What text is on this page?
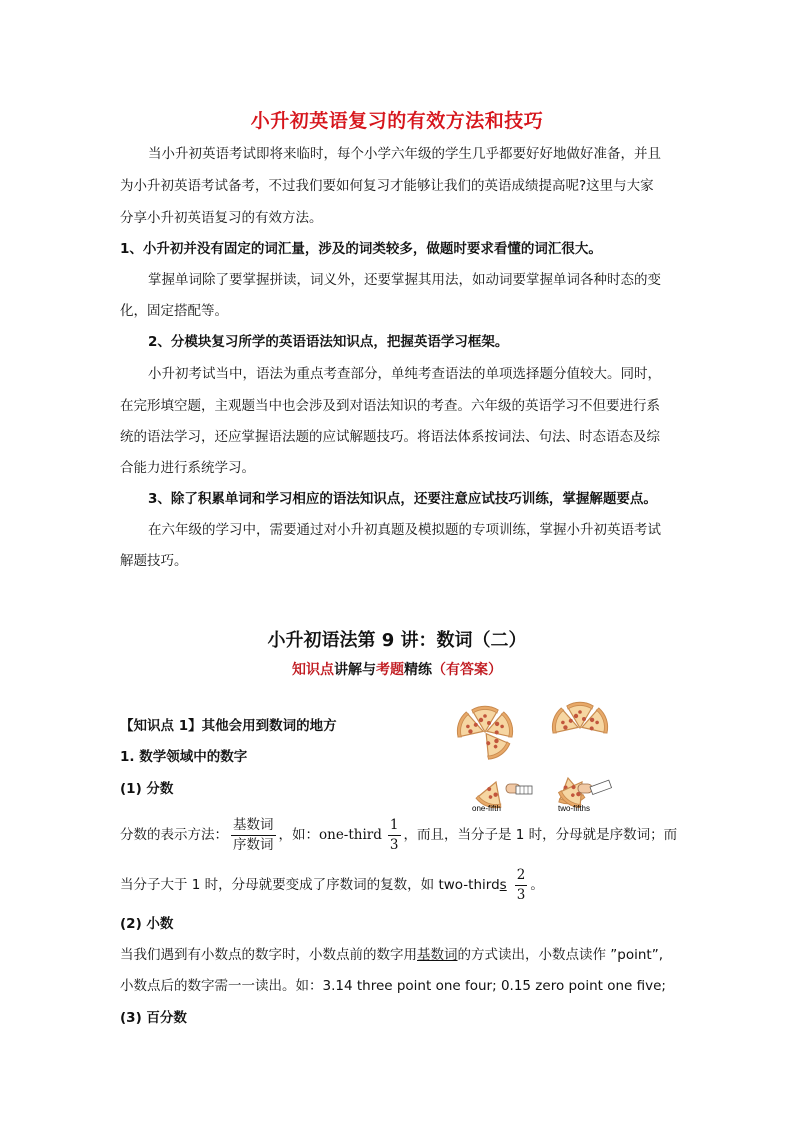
小升初英语复习的有效方法和技巧
当小升初英语考试即将来临时，每个小学六年级的学生几乎都要好好地做好准备，并且
为小升初英语考试备考，不过我们要如何复习才能够让我们的英语成绩提高呢?这里与大家
分享小升初英语复习的有效方法。
1、小升初并没有固定的词汇量，涉及的词类较多，做题时要求看懂的词汇很大。
掌握单词除了要掌握拼读，词义外，还要掌握其用法，如动词要掌握单词各种时态的变
化，固定搭配等。
2、分模块复习所学的英语语法知识点，把握英语学习框架。
小升初考试当中，语法为重点考查部分，单纯考查语法的单项选择题分值较大。同时，
在完形填空题，主观题当中也会涉及到对语法知识的考查。六年级的英语学习不但要进行系
统的语法学习，还应掌握语法题的应试解题技巧。将语法体系按词法、句法、时态语态及综
合能力进行系统学习。
3、除了积累单词和学习相应的语法知识点，还要注意应试技巧训练，掌握解题要点。
在六年级的学习中，需要通过对小升初真题及模拟题的专项训练，掌握小升初英语考试
解题技巧。
小升初语法第 9 讲：数词（二）
知识点讲解与考题精练（有答案）
【知识点 1】其他会用到数词的地方
1. 数学领域中的数字
(1) 分数
分数的表示方法： $\frac{\text{基数词}}{\text{序数词}}$ ，如：one-third $\frac{1}{3}$ ，而且，当分子是 1 时，分母就是序数词；而
当分子大于 1 时，分母就要变成了序数词的复数，如 two-third s $\frac{2}{3}$ 。
(2) 小数
当我们遇到有小数点的数字时，小数点前的数字用基数词的方式读出，小数点读作 ”point”,
小数点后的数字需一一读出。如：3.14 three point one four; 0.15 zero point one five;
(3) 百分数
one-fifth	two-fifths
